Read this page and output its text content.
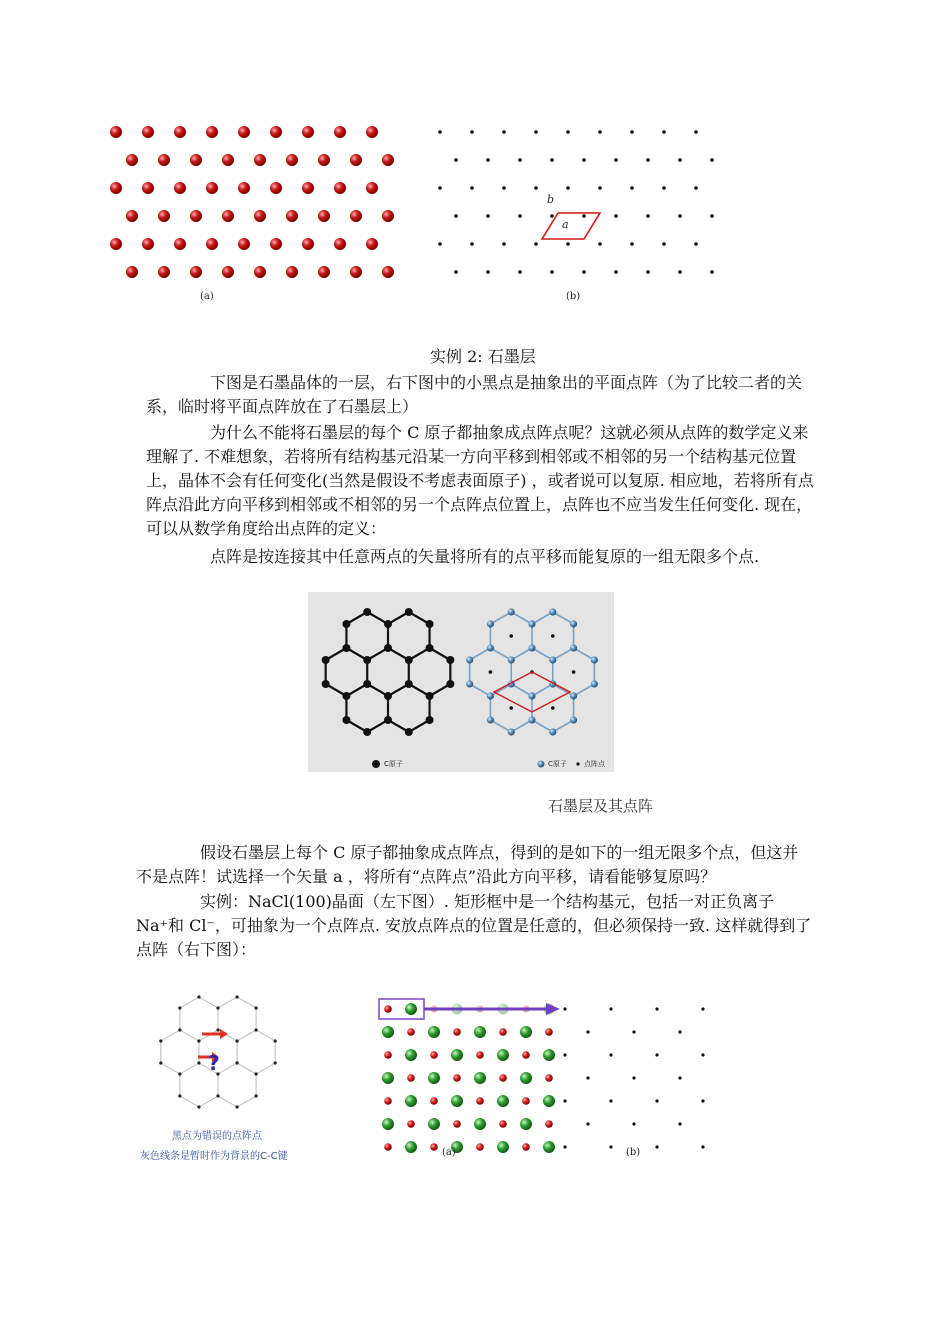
b
a
(a)	(b)
实例 2: 石墨层
下图是石墨晶体的一层，右下图中的小黑点是抽象出的平面点阵（为了比较二者的关系，临时将平面点阵放在了石墨层上）
为什么不能将石墨层的每个 C 原子都抽象成点阵点呢？这就必须从点阵的数学定义来理解了. 不难想象，若将所有结构基元沿某一方向平移到相邻或不相邻的另一个结构基元位置上，晶体不会有任何变化(当然是假设不考虑表面原子) ，或者说可以复原. 相应地，若将所有点阵点沿此方向平移到相邻或不相邻的另一个点阵点位置上，点阵也不应当发生任何变化. 现在，可以从数学角度给出点阵的定义：
点阵是按连接其中任意两点的矢量将所有的点平移而能复原的一组无限多个点.
C原子	C原子 点阵点
石墨层及其点阵
假设石墨层上每个 C 原子都抽象成点阵点，得到的是如下的一组无限多个点，但这并不是点阵！试选择一个矢量 a ，将所有“点阵点”沿此方向平移，请看能够复原吗？
实例：NaCl(100)晶面（左下图）. 矩形框中是一个结构基元，包括一对正负离子
Na⁺和 Cl⁻，可抽象为一个点阵点. 安放点阵点的位置是任意的，但必须保持一致. 这样就得到了点阵（右下图）：
?
黑点为错误的点阵点
灰色线条是暂时作为背景的C-C键	(a)	(b)
